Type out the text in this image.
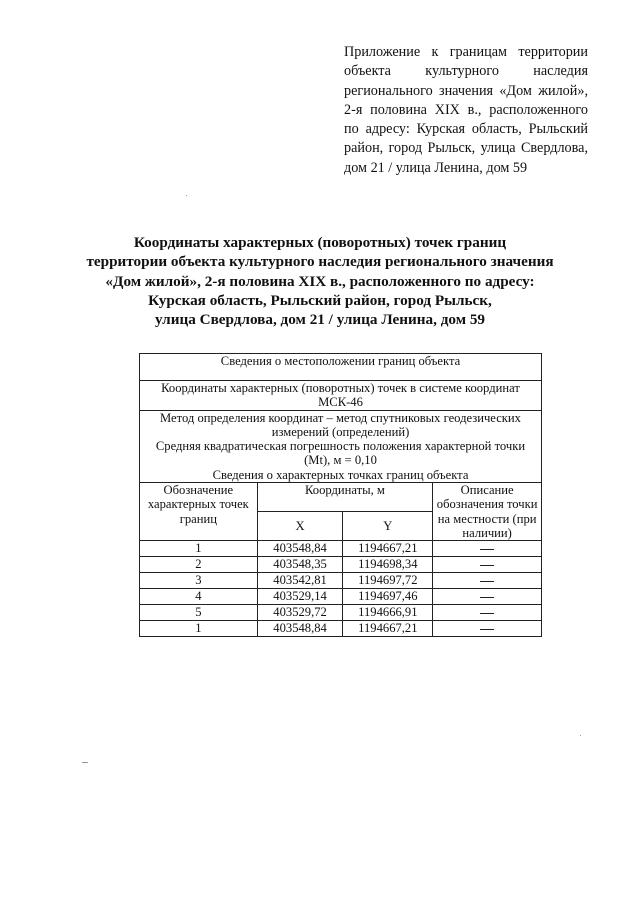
Приложение к границам территории объекта культурного наследия регионального значения «Дом жилой», 2-я половина XIX в., расположенного по адресу: Курская область, Рыльский район, город Рыльск, улица Свердлова, дом 21 / улица Ленина, дом 59
Координаты характерных (поворотных) точек границ
территории объекта культурного наследия регионального значения
«Дом жилой», 2-я половина XIX в., расположенного по адресу:
Курская область, Рыльский район, город Рыльск,
улица Свердлова, дом 21 / улица Ленина, дом 59
Сведения о местоположении границ объекта			

Координаты характерных (поворотных) точек в системе координат
МСК-46			

Метод определения координат – метод спутниковых геодезических
измерений (определений)
Средняя квадратическая погрешность положения характерной точки
(Мt), м = 0,10
Сведения о характерных точках границ объекта			

Обозначение характерных точек границ	Координаты, м		Описание обозначения точки на местности (при наличии)
	X	Y	
1	403548,84	1194667,21	
2	403548,35	1194698,34	
3	403542,81	1194697,72	
4	403529,14	1194697,46	
5	403529,72	1194666,91	
1	403548,84	1194667,21	
